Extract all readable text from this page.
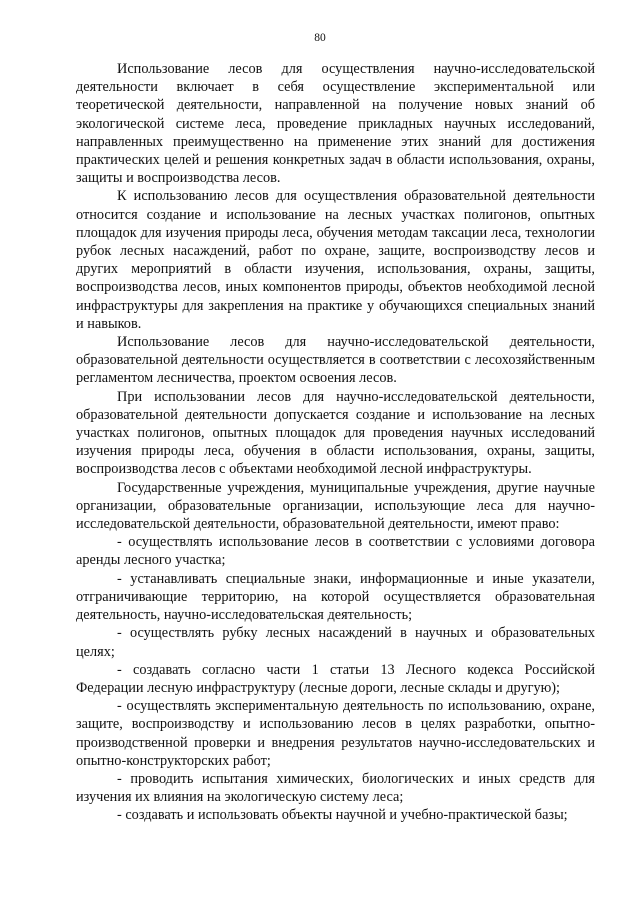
80

Использование лесов для осуществления научно-исследовательской деятельности включает в себя осуществление экспериментальной или теоретической деятельности, направленной на получение новых знаний об экологической системе леса, проведение прикладных научных исследований, направленных преимущественно на применение этих знаний для достижения практических целей и решения конкретных задач в области использования, охраны, защиты и воспроизводства лесов.

К использованию лесов для осуществления образовательной деятельности относится создание и использование на лесных участках полигонов, опытных площадок для изучения природы леса, обучения методам таксации леса, технологии рубок лесных насаждений, работ по охране, защите, воспроизводству лесов и других мероприятий в области изучения, использования, охраны, защиты, воспроизводства лесов, иных компонентов природы, объектов необходимой лесной инфраструктуры для закрепления на практике у обучающихся специальных знаний и навыков.

Использование лесов для научно-исследовательской деятельности, образовательной деятельности осуществляется в соответствии с лесохозяйственным регламентом лесничества, проектом освоения лесов.

При использовании лесов для научно-исследовательской деятельности, образовательной деятельности допускается создание и использование на лесных участках полигонов, опытных площадок для проведения научных исследований изучения природы леса, обучения в области использования, охраны, защиты, воспроизводства лесов с объектами необходимой лесной инфраструктуры.

Государственные учреждения, муниципальные учреждения, другие научные организации, образовательные организации, использующие леса для научно-исследовательской деятельности, образовательной деятельности, имеют право:

- осуществлять использование лесов в соответствии с условиями договора аренды лесного участка;

- устанавливать специальные знаки, информационные и иные указатели, отграничивающие территорию, на которой осуществляется образовательная деятельность, научно-исследовательская деятельность;

- осуществлять рубку лесных насаждений в научных и образовательных целях;

- создавать согласно части 1 статьи 13 Лесного кодекса Российской Федерации лесную инфраструктуру (лесные дороги, лесные склады и другую);

- осуществлять экспериментальную деятельность по использованию, охране, защите, воспроизводству и использованию лесов в целях разработки, опытно-производственной проверки и внедрения результатов научно-исследовательских и опытно-конструкторских работ;

- проводить испытания химических, биологических и иных средств для изучения их влияния на экологическую систему леса;

- создавать и использовать объекты научной и учебно-практической базы;
